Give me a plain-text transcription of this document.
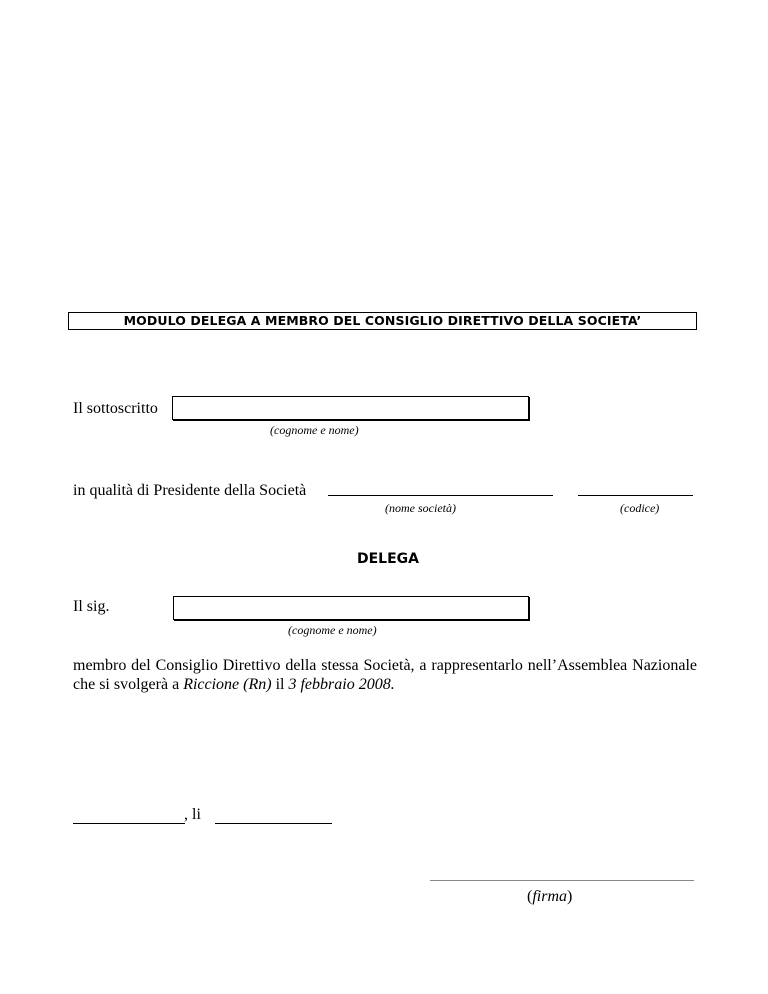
MODULO DELEGA A MEMBRO DEL CONSIGLIO DIRETTIVO DELLA SOCIETA’
Il sottoscritto
(cognome e nome)
in qualità di Presidente della Società
(nome società)	(codice)
DELEGA
Il sig.
(cognome e nome)
membro del Consiglio Direttivo della stessa Società, a rappresentarlo nell’Assemblea Nazionale che si svolgerà a Riccione (Rn) il 3 febbraio 2008.
, li
(firma)
